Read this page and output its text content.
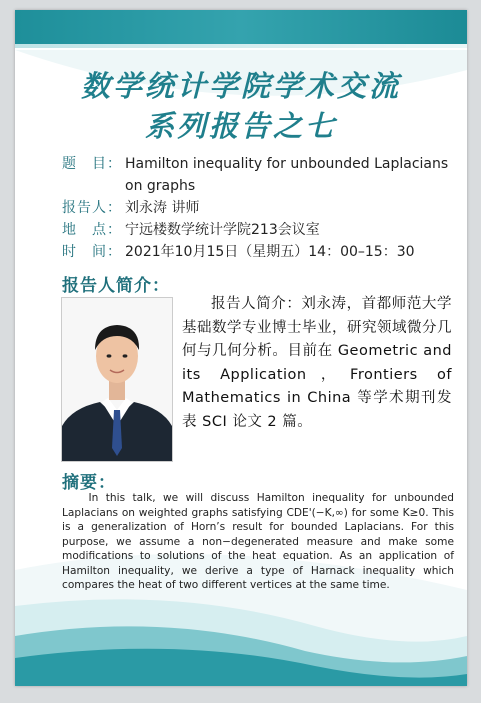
数学统计学院学术交流
系列报告之七
题　目： Hamilton inequality for unbounded Laplacians on graphs
报告人： 刘永涛 讲师
地　点： 宁远楼数学统计学院213会议室
时　间： 2021年10月15日（星期五）14：00–15：30
报告人简介：
报告人简介：刘永涛，首都师范大学基础数学专业博士毕业，研究领域微分几何与几何分析。目前在 Geometric and its Application，Frontiers of Mathematics in China 等学术期刊发表 SCI 论文 2 篇。
摘要：
In this talk, we will discuss Hamilton inequality for unbounded Laplacians on weighted graphs satisfying CDE'(−K,∞) for some K≥0. This is a generalization of Horn’s result for bounded Laplacians. For this purpose, we assume a non−degenerated measure and make some modifications to solutions of the heat equation. As an application of Hamilton inequality, we derive a type of Harnack inequality which compares the heat of two different vertices at the same time.
